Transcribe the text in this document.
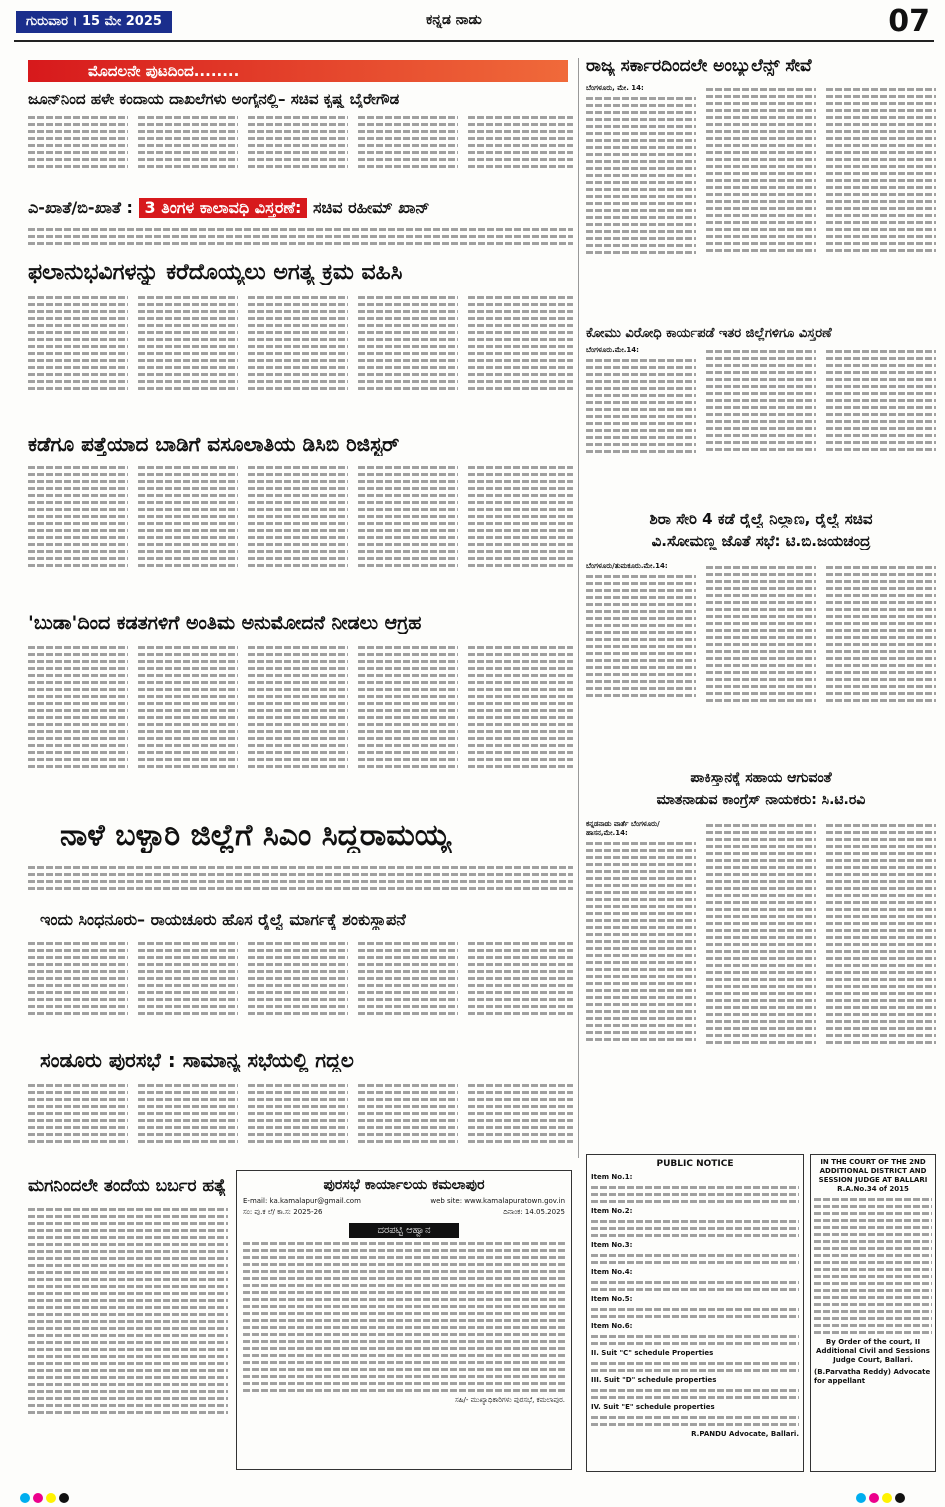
ಗುರುವಾರ । 15 ಮೇ 2025	ಕನ್ನಡ ನಾಡು	07
ಮೊದಲನೇ ಪುಟದಿಂದ........
ಜೂನ್‌ನಿಂದ ಹಳೇ ಕಂದಾಯ ದಾಖಲೆಗಳು ಅಂಗೈನಲ್ಲಿ– ಸಚಿವ ಕೃಷ್ಣ ಬೈರೇಗೌಡ
ಎ-ಖಾತೆ/ಬಿ-ಖಾತೆ : 3 ತಿಂಗಳ ಕಾಲಾವಧಿ ವಿಸ್ತರಣೆ: ಸಚಿವ ರಹೀಮ್ ಖಾನ್
ಫಲಾನುಭವಿಗಳನ್ನು ಕರೆದೊಯ್ಯಲು ಅಗತ್ಯ ಕ್ರಮ ವಹಿಸಿ
ಕಡೆಗೂ ಪತ್ತೆಯಾದ ಬಾಡಿಗೆ ವಸೂಲಾತಿಯ ಡಿಸಿಬಿ ರಿಜಿಸ್ಟರ್
'ಬುಡಾ'ದಿಂದ ಕಡತಗಳಿಗೆ ಅಂತಿಮ ಅನುಮೋದನೆ ನೀಡಲು ಆಗ್ರಹ
ನಾಳೆ ಬಳ್ಳಾರಿ ಜಿಲ್ಲೆಗೆ ಸಿಎಂ ಸಿದ್ದರಾಮಯ್ಯ
ಇಂದು ಸಿಂಧನೂರು– ರಾಯಚೂರು ಹೊಸ ರೈಲ್ವೆ ಮಾರ್ಗಕ್ಕೆ ಶಂಕುಸ್ಥಾಪನೆ
ಸಂಡೂರು ಪುರಸಭೆ : ಸಾಮಾನ್ಯ ಸಭೆಯಲ್ಲಿ ಗದ್ದಲ
ಮಗನಿಂದಲೇ ತಂದೆಯ ಬರ್ಬರ ಹತ್ಯೆ	ಪುರಸಭೆ ಕಾರ್ಯಾಲಯ ಕಮಲಾಪುರ
E-mail: ka.kamalapur@gmail.com	web site: www.kamalapuratown.gov.in
ಸಂ: ಪು.ಕ ಲೆ/ ಕಾ.ಸ: 2025-26	ದಿನಾಂಕ: 14.05.2025
ದರಪಟ್ಟಿ ಆಹ್ವಾನ
ಸಹಿ/- ಮುಖ್ಯಾಧಿಕಾರಿಗಳು ಪುರಸಭೆ, ಕಮಲಾಪುರ.
ರಾಜ್ಯ ಸರ್ಕಾರದಿಂದಲೇ ಅಂಬ್ಯುಲೆನ್ಸ್ ಸೇವೆ
ಬೆಂಗಳೂರು, ಮೇ. 14:
ಕೋಮು ವಿರೋಧಿ ಕಾರ್ಯಪಡೆ ಇತರ ಜಿಲ್ಲೆಗಳಿಗೂ ವಿಸ್ತರಣೆ
ಬೆಂಗಳೂರು.ಮೇ.14:
ಶಿರಾ ಸೇರಿ 4 ಕಡೆ ರೈಲ್ವೆ ನಿಲ್ದಾಣ, ರೈಲ್ವೆ ಸಚಿವ
ವಿ.ಸೋಮಣ್ಣ ಜೊತೆ ಸಭೆ: ಟಿ.ಬಿ.ಜಯಚಂದ್ರ
ಬೆಂಗಳೂರು/ತುಮಕೂರು.ಮೇ.14:
ಪಾಕಿಸ್ತಾನಕ್ಕೆ ಸಹಾಯ ಆಗುವಂತೆ
ಮಾತನಾಡುವ ಕಾಂಗ್ರೆಸ್ ನಾಯಕರು: ಸಿ.ಟಿ.ರವಿ
ಕನ್ನಡನಾಡು ವಾರ್ತೆ ಬೆಂಗಳೂರು/ಹಾಸನ,ಮೇ.14:
PUBLIC NOTICE
Item No.1:
Item No.2:
Item No.3:
Item No.4:
Item No.5:
Item No.6:
II. Suit "C" schedule Properties
III. Suit "D" schedule properties
IV. Suit "E" schedule properties
R.PANDU Advocate, Ballari.
IN THE COURT OF THE 2ND ADDITIONAL DISTRICT AND SESSION JUDGE AT BALLARI
R.A.No.34 of 2015
By Order of the court, II Additional Civil and Sessions Judge Court, Ballari.
(B.Parvatha Reddy) Advocate for appellant
